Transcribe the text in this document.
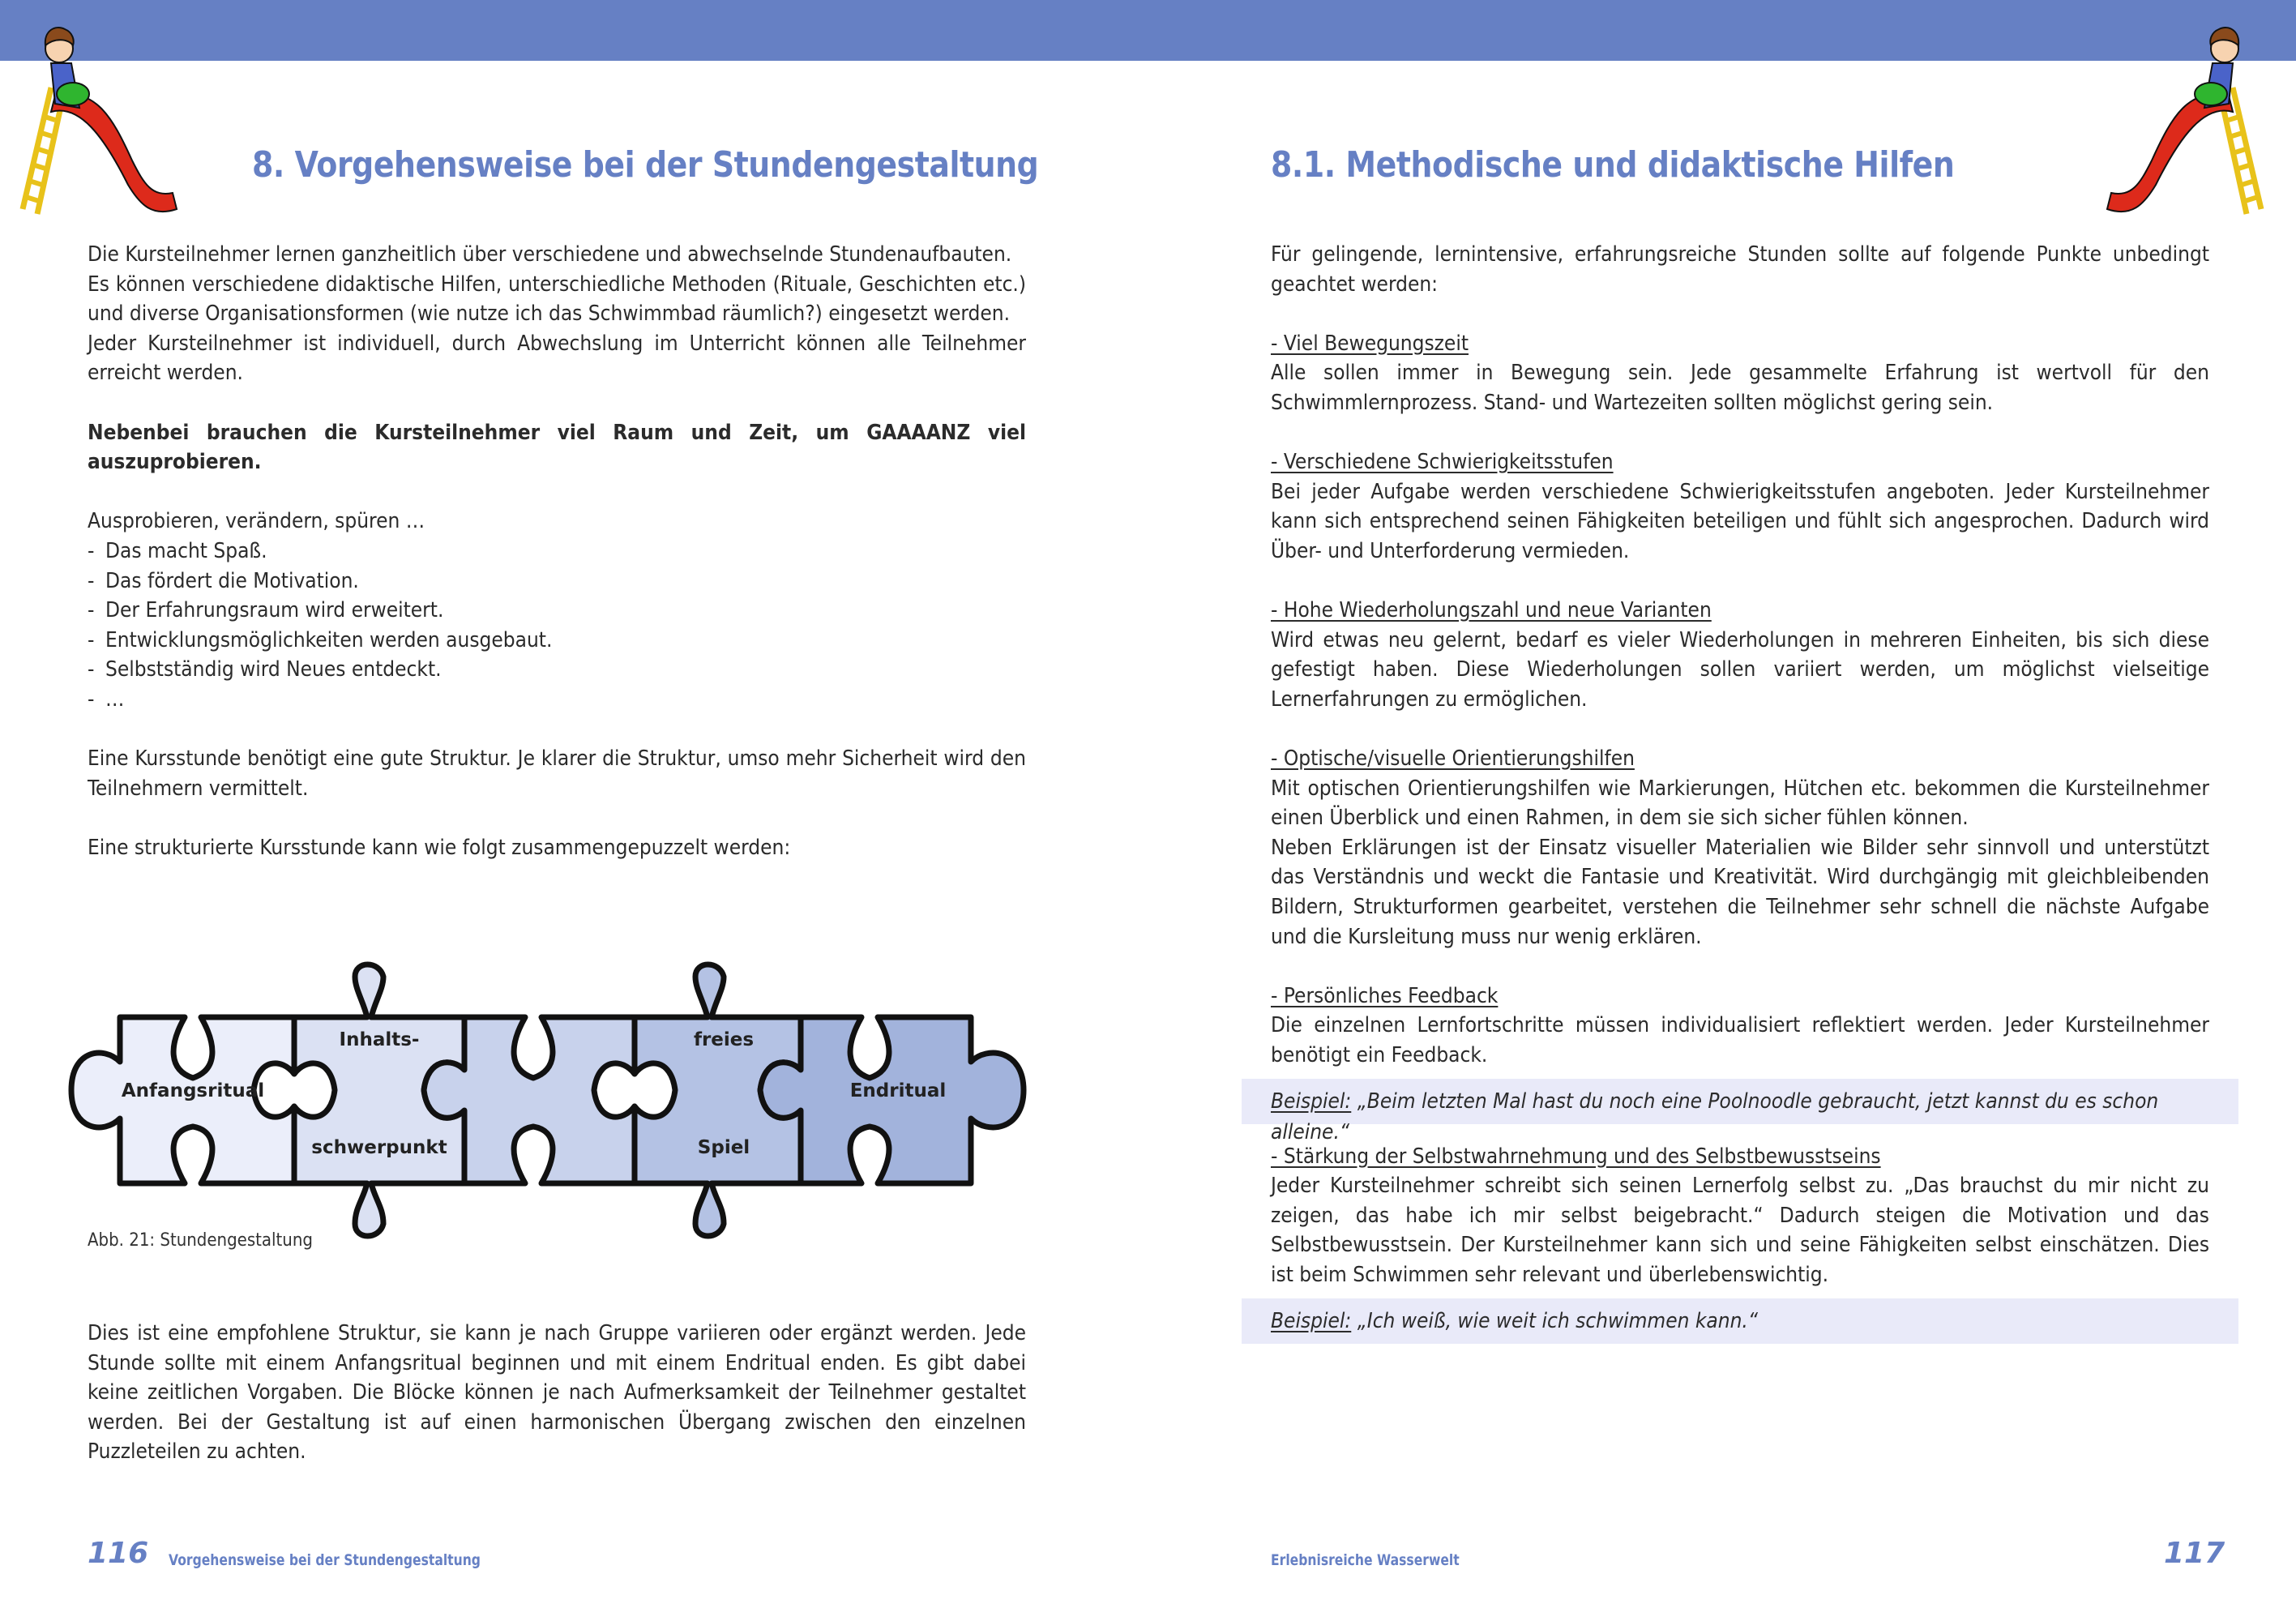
8. Vorgehensweise bei der Stundengestaltung

Die Kursteilnehmer lernen ganzheitlich über verschiedene und abwechselnde Stundenaufbauten.

Es können verschiedene didaktische Hilfen, unterschiedliche Methoden (Rituale, Geschichten etc.) und diverse Organisationsformen (wie nutze ich das Schwimmbad räumlich?) eingesetzt werden.

Jeder Kursteilnehmer ist individuell, durch Abwechslung im Unterricht können alle Teilnehmer erreicht werden.

Nebenbei brauchen die Kursteilnehmer viel Raum und Zeit, um GAAAANZ viel auszuprobieren.

Ausprobieren, verändern, spüren …

- Das macht Spaß.
- Das fördert die Motivation.
- Der Erfahrungsraum wird erweitert.
- Entwicklungsmöglichkeiten werden ausgebaut.
- Selbstständig wird Neues entdeckt.
- …

Eine Kursstunde benötigt eine gute Struktur. Je klarer die Struktur, umso mehr Sicherheit wird den Teilnehmern vermittelt.

Eine strukturierte Kursstunde kann wie folgt zusammengepuzzelt werden:

Anfangsritual
Inhalts-
schwerpunkt
freies
Spiel
Endritual
Abb. 21: Stundengestaltung

Dies ist eine empfohlene Struktur, sie kann je nach Gruppe variieren oder ergänzt werden. Jede Stunde sollte mit einem Anfangsritual beginnen und mit einem Endritual enden. Es gibt dabei keine zeitlichen Vorgaben. Die Blöcke können je nach Aufmerksamkeit der Teilnehmer gestaltet werden. Bei der Gestaltung ist auf einen harmonischen Übergang zwischen den einzelnen Puzzleteilen zu achten.

116 Vorgehensweise bei der Stundengestaltung
8.1. Methodische und didaktische Hilfen

Für gelingende, lernintensive, erfahrungsreiche Stunden sollte auf folgende Punkte unbedingt geachtet werden:

- Viel Bewegungszeit

Alle sollen immer in Bewegung sein. Jede gesammelte Erfahrung ist wertvoll für den Schwimmlernprozess. Stand- und Wartezeiten sollten möglichst gering sein.

- Verschiedene Schwierigkeitsstufen

Bei jeder Aufgabe werden verschiedene Schwierigkeitsstufen angeboten. Jeder Kursteilnehmer kann sich entsprechend seinen Fähigkeiten beteiligen und fühlt sich angesprochen. Dadurch wird Über- und Unterforderung vermieden.

- Hohe Wiederholungszahl und neue Varianten

Wird etwas neu gelernt, bedarf es vieler Wiederholungen in mehreren Einheiten, bis sich diese gefestigt haben. Diese Wiederholungen sollen variiert werden, um möglichst vielseitige Lernerfahrungen zu ermöglichen.

- Optische/visuelle Orientierungshilfen

Mit optischen Orientierungshilfen wie Markierungen, Hütchen etc. bekommen die Kursteilnehmer einen Überblick und einen Rahmen, in dem sie sich sicher fühlen können.

Neben Erklärungen ist der Einsatz visueller Materialien wie Bilder sehr sinnvoll und unterstützt das Verständnis und weckt die Fantasie und Kreativität. Wird durchgängig mit gleichbleibenden Bildern, Strukturformen gearbeitet, verstehen die Teilnehmer sehr schnell die nächste Aufgabe und die Kursleitung muss nur wenig erklären.

- Persönliches Feedback

Die einzelnen Lernfortschritte müssen individualisiert reflektiert werden. Jeder Kursteilnehmer benötigt ein Feedback.

Beispiel: „Beim letzten Mal hast du noch eine Poolnoodle gebraucht, jetzt kannst du es schon alleine.“

- Stärkung der Selbstwahrnehmung und des Selbstbewusstseins

Jeder Kursteilnehmer schreibt sich seinen Lernerfolg selbst zu. „Das brauchst du mir nicht zu zeigen, das habe ich mir selbst beigebracht.“ Dadurch steigen die Motivation und das Selbstbewusstsein. Der Kursteilnehmer kann sich und seine Fähigkeiten selbst einschätzen. Dies ist beim Schwimmen sehr relevant und überlebenswichtig.

Beispiel: „Ich weiß, wie weit ich schwimmen kann.“
Erlebnisreiche Wasserwelt	117
